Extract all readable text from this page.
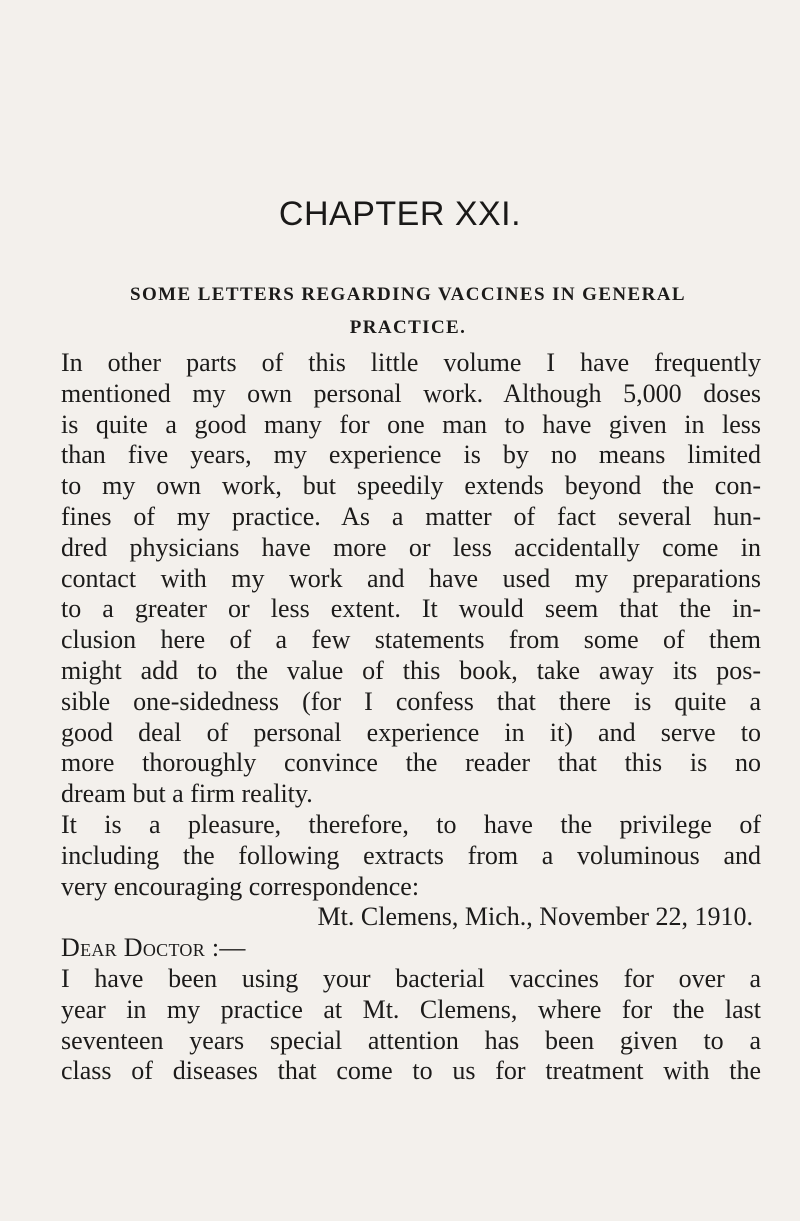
CHAPTER XXI.
SOME LETTERS REGARDING VACCINES IN GENERAL
PRACTICE.
In other parts of this little volume I have frequently
mentioned my own personal work. Although 5,000 doses
is quite a good many for one man to have given in less
than five years, my experience is by no means limited
to my own work, but speedily extends beyond the con-
fines of my practice. As a matter of fact several hun-
dred physicians have more or less accidentally come in
contact with my work and have used my preparations
to a greater or less extent. It would seem that the in-
clusion here of a few statements from some of them
might add to the value of this book, take away its pos-
sible one-sidedness (for I confess that there is quite a
good deal of personal experience in it) and serve to
more thoroughly convince the reader that this is no
dream but a firm reality.
It is a pleasure, therefore, to have the privilege of
including the following extracts from a voluminous and
very encouraging correspondence:
Mt. Clemens, Mich., November 22, 1910.
Dear Doctor :—
I have been using your bacterial vaccines for over a
year in my practice at Mt. Clemens, where for the last
seventeen years special attention has been given to a
class of diseases that come to us for treatment with the
